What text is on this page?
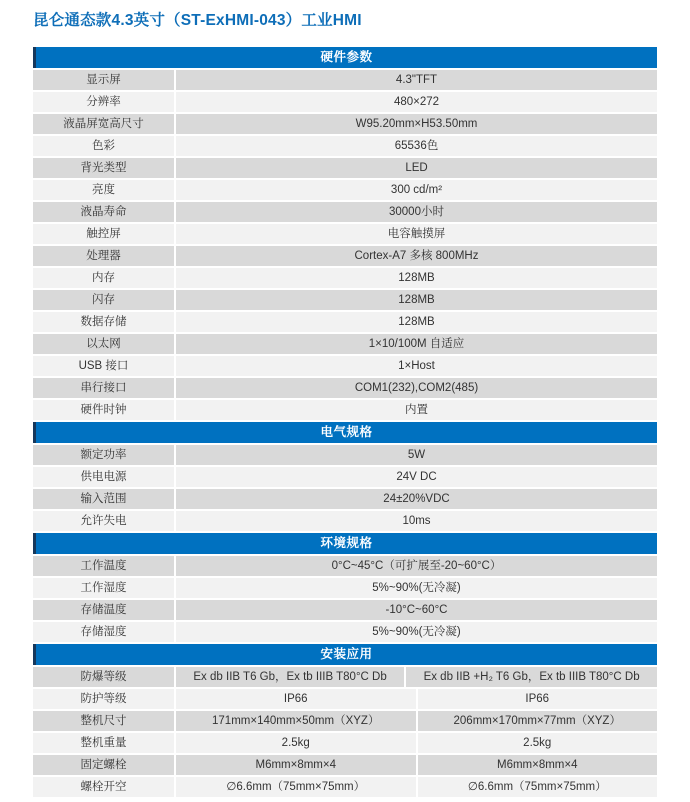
昆仑通态款4.3英寸（ST-ExHMI-043）工业HMI
硬件参数
显示屏	4.3"TFT
分辨率	480×272
液晶屏宽高尺寸	W95.20mm×H53.50mm
色彩	65536色
背光类型	LED
亮度	300 cd/m²
液晶寿命	30000小时
触控屏	电容触摸屏
处理器	Cortex-A7 多核 800MHz
内存	128MB
闪存	128MB
数据存储	128MB
以太网	1×10/100M 自适应
USB 接口	1×Host
串行接口	COM1(232),COM2(485)
硬件时钟	内置
电气规格
额定功率	5W
供电电源	24V DC
输入范围	24±20%VDC
允许失电	10ms
环境规格
工作温度	0°C~45°C（可扩展至-20~60°C）
工作湿度	5%~90%(无冷凝)
存储温度	-10°C~60°C
存储湿度	5%~90%(无冷凝)
安装应用
防爆等级	Ex db IIB T6 Gb，Ex tb IIIB T80°C Db	Ex db IIB +H₂ T6 Gb，Ex tb IIIB T80°C Db
防护等级	IP66	IP66
整机尺寸	171mm×140mm×50mm（XYZ）	206mm×170mm×77mm（XYZ）
整机重量	2.5kg	2.5kg
固定螺栓	M6mm×8mm×4	M6mm×8mm×4
螺栓开空	∅6.6mm（75mm×75mm）	∅6.6mm（75mm×75mm）
